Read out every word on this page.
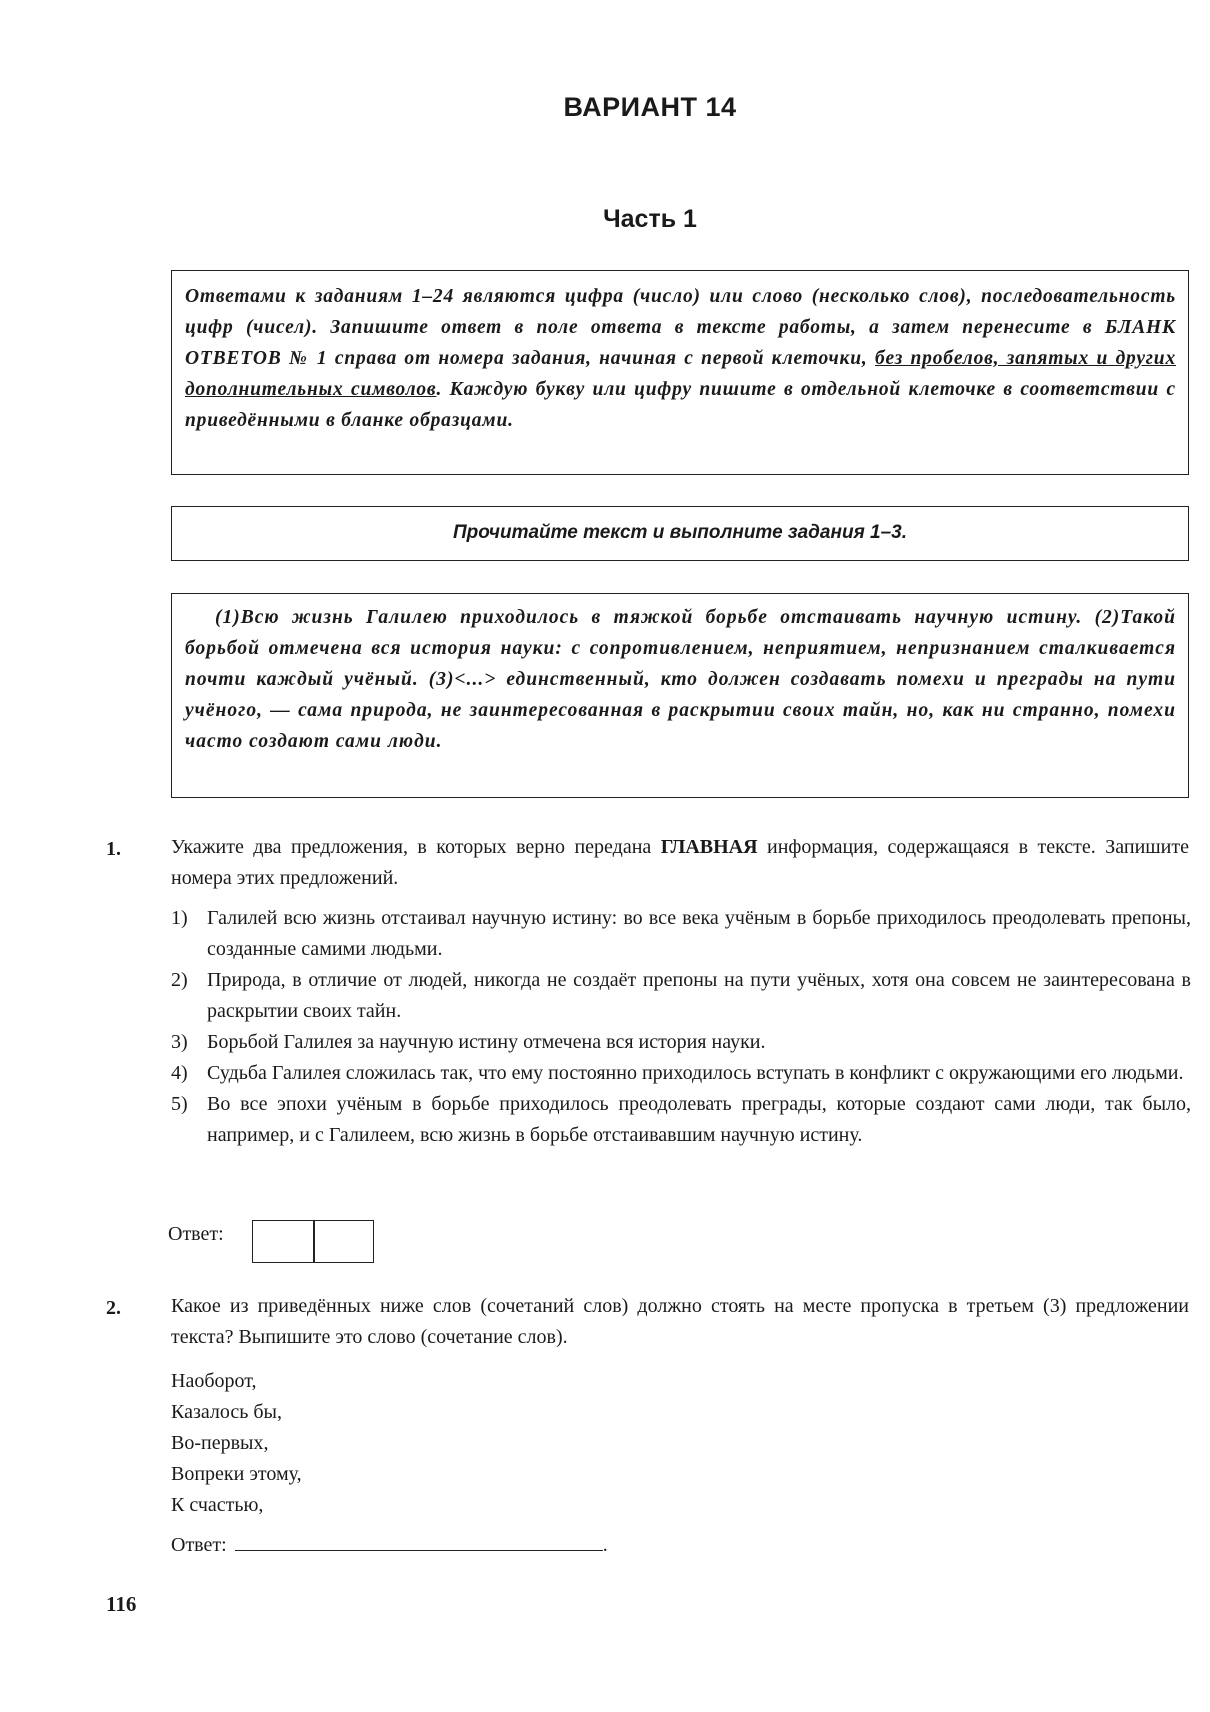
ВАРИАНТ 14
Часть 1
Ответами к заданиям 1–24 являются цифра (число) или слово (несколько слов), последовательность цифр (чисел). Запишите ответ в поле ответа в тексте работы, а затем перенесите в БЛАНК ОТВЕТОВ № 1 справа от номера задания, начиная с первой клеточки, без пробелов, запятых и других дополнительных символов. Каждую букву или цифру пишите в отдельной клеточке в соответствии с приведёнными в бланке образцами.
Прочитайте текст и выполните задания 1–3.
(1)Всю жизнь Галилею приходилось в тяжкой борьбе отстаивать научную истину. (2)Такой борьбой отмечена вся история науки: с сопротивлением, неприятием, непризнанием сталкивается почти каждый учёный. (3)<...> единственный, кто должен создавать помехи и преграды на пути учёного, — сама природа, не заинтересованная в раскрытии своих тайн, но, как ни странно, помехи часто создают сами люди.
1.	Укажите два предложения, в которых верно передана ГЛАВНАЯ информация, содержащаяся в тексте. Запишите номера этих предложений.
1) Галилей всю жизнь отстаивал научную истину: во все века учёным в борьбе приходилось преодолевать препоны, созданные самими людьми.
2) Природа, в отличие от людей, никогда не создаёт препоны на пути учёных, хотя она совсем не заинтересована в раскрытии своих тайн.
3) Борьбой Галилея за научную истину отмечена вся история науки.
4) Судьба Галилея сложилась так, что ему постоянно приходилось вступать в конфликт с окружающими его людьми.
5) Во все эпохи учёным в борьбе приходилось преодолевать преграды, которые создают сами люди, так было, например, и с Галилеем, всю жизнь в борьбе отстаивавшим научную истину.
Ответ:
2.	Какое из приведённых ниже слов (сочетаний слов) должно стоять на месте пропуска в третьем (3) предложении текста? Выпишите это слово (сочетание слов).
Наоборот,
Казалось бы,
Во-первых,
Вопреки этому,
К счастью,
Ответ:	.
116
